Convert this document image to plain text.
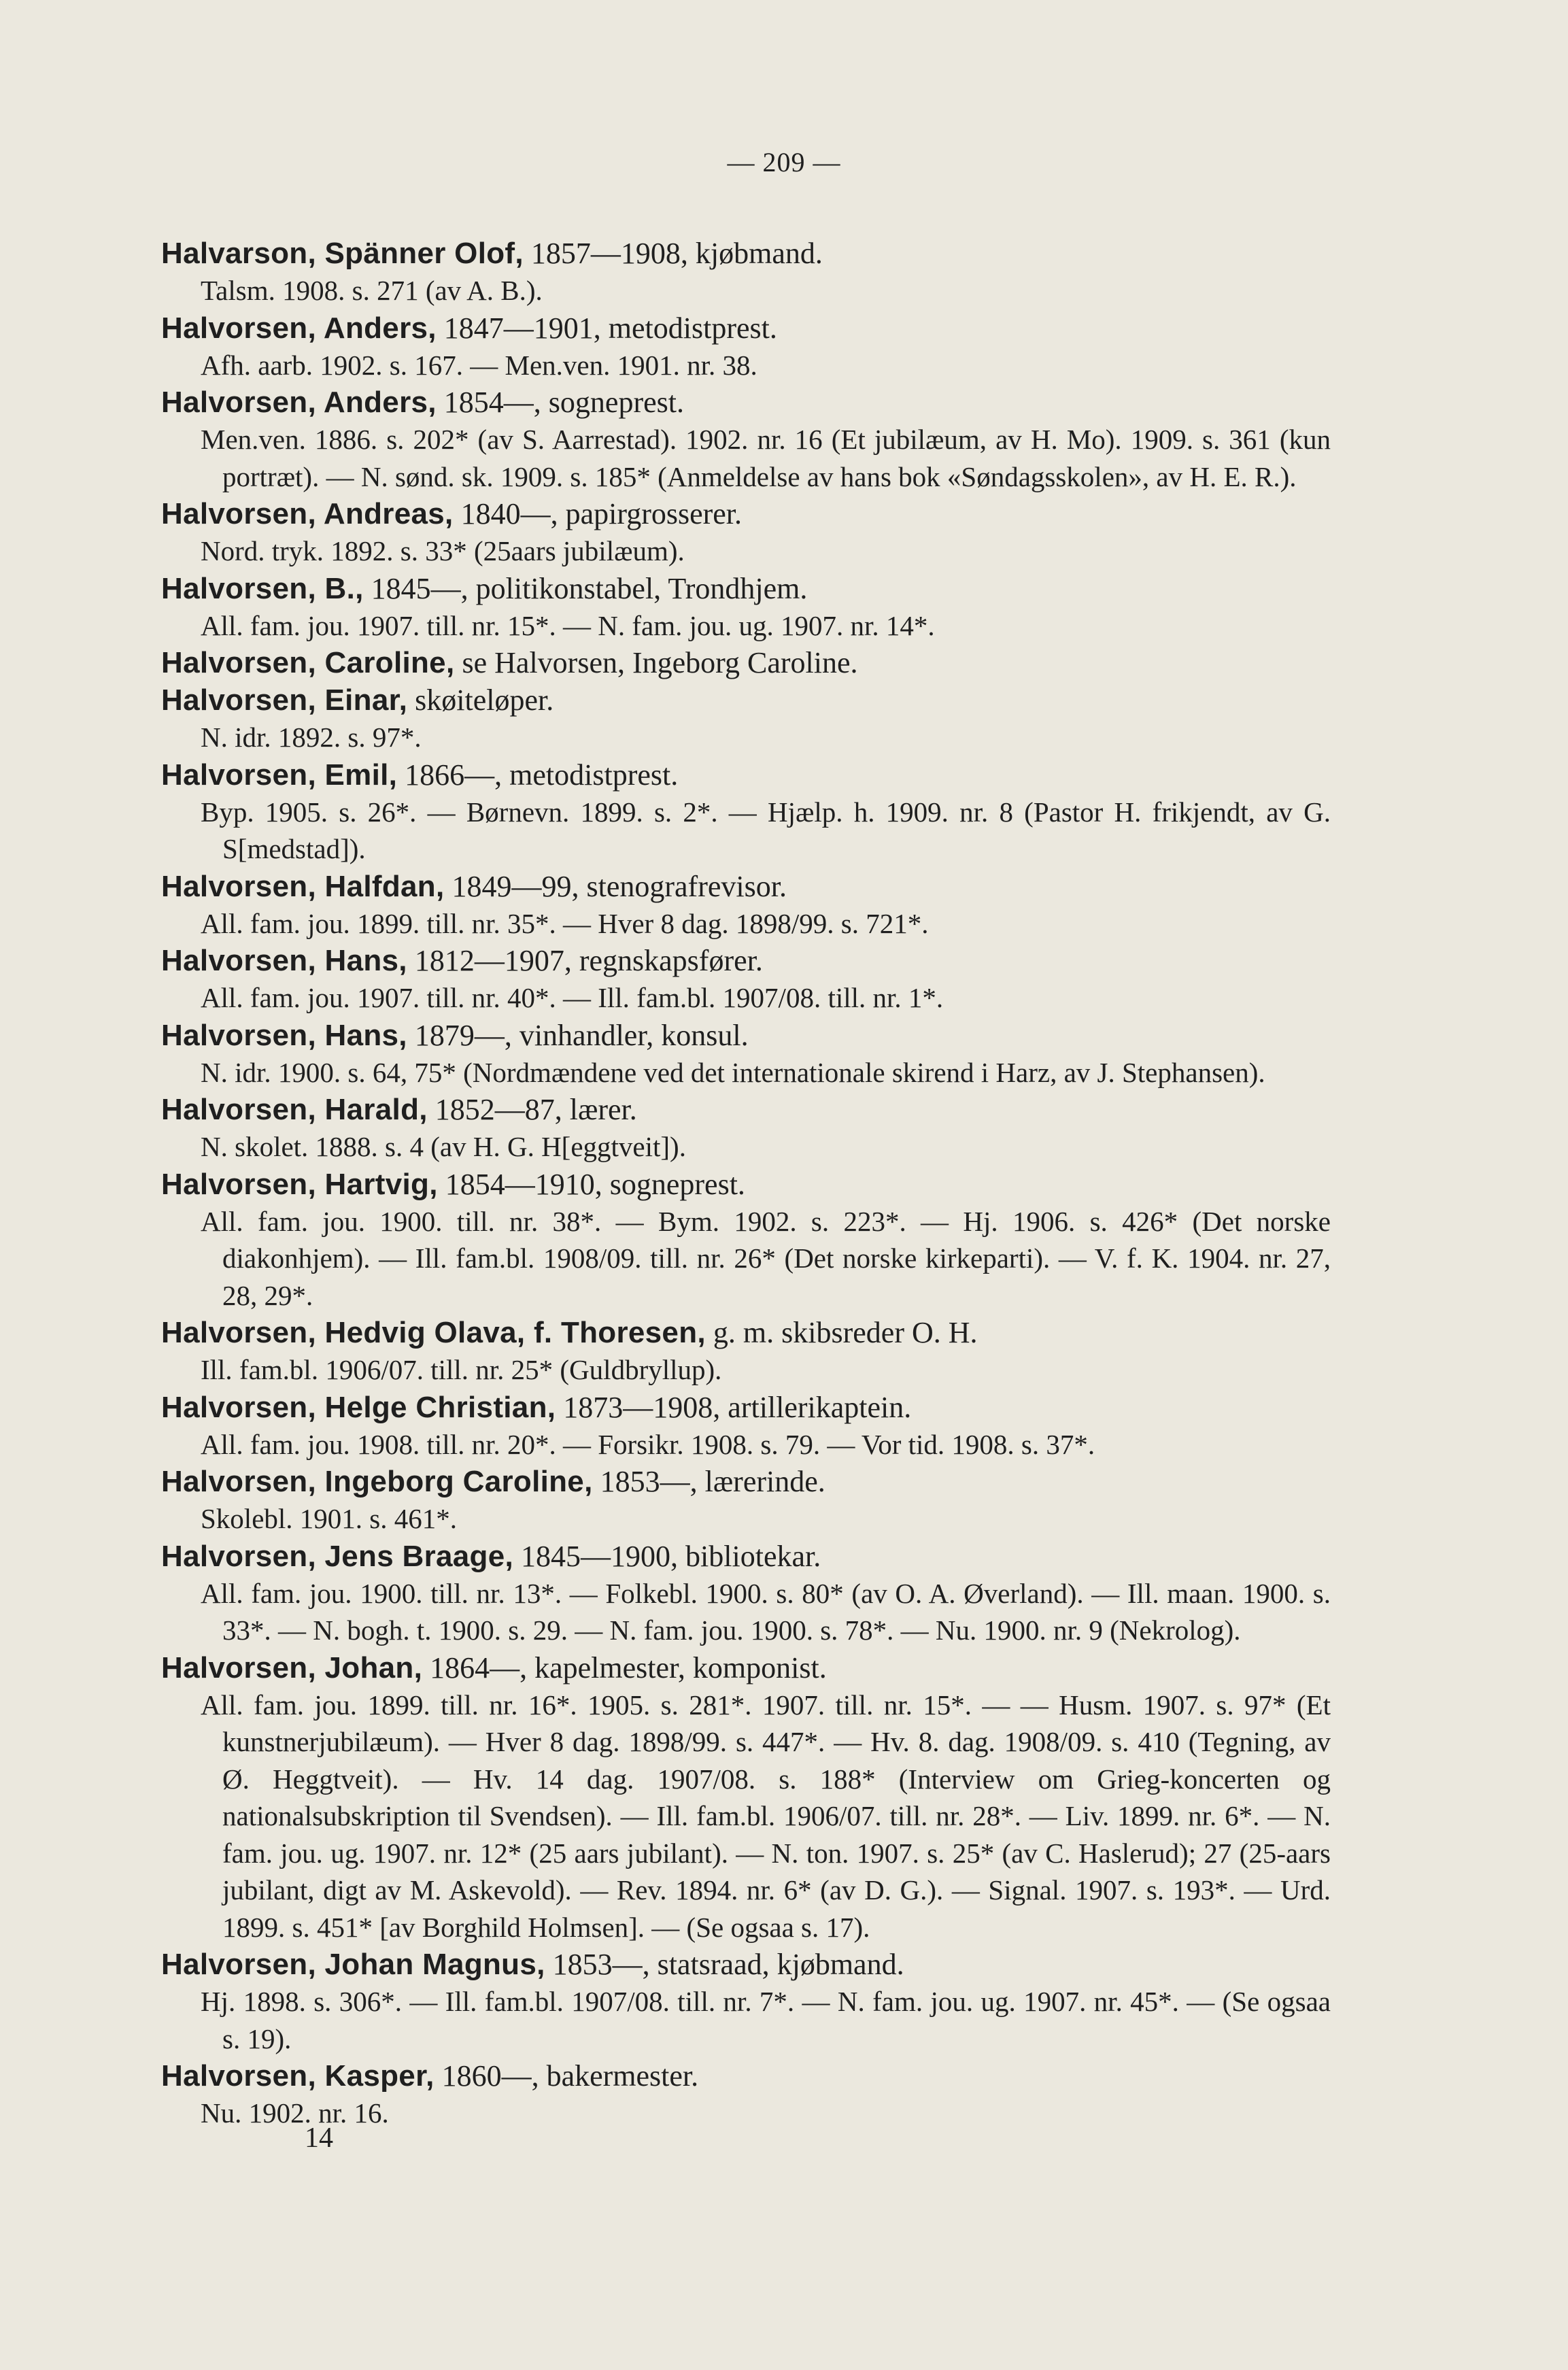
— 209 —
Halvarson, Spänner Olof, 1857—1908, kjøbmand.
Talsm. 1908. s. 271 (av A. B.).
Halvorsen, Anders, 1847—1901, metodistprest.
Afh. aarb. 1902. s. 167. — Men.ven. 1901. nr. 38.
Halvorsen, Anders, 1854—, sogneprest.
Men.ven. 1886. s. 202* (av S. Aarrestad). 1902. nr. 16 (Et jubilæum, av H. Mo). 1909. s. 361 (kun portræt). — N. sønd. sk. 1909. s. 185* (Anmeldelse av hans bok «Søndagsskolen», av H. E. R.).
Halvorsen, Andreas, 1840—, papirgrosserer.
Nord. tryk. 1892. s. 33* (25aars jubilæum).
Halvorsen, B., 1845—, politikonstabel, Trondhjem.
All. fam. jou. 1907. till. nr. 15*. — N. fam. jou. ug. 1907. nr. 14*.
Halvorsen, Caroline, se Halvorsen, Ingeborg Caroline.
Halvorsen, Einar, skøiteløper.
N. idr. 1892. s. 97*.
Halvorsen, Emil, 1866—, metodistprest.
Byp. 1905. s. 26*. — Børnevn. 1899. s. 2*. — Hjælp. h. 1909. nr. 8 (Pastor H. frikjendt, av G. S[medstad]).
Halvorsen, Halfdan, 1849—99, stenografrevisor.
All. fam. jou. 1899. till. nr. 35*. — Hver 8 dag. 1898/99. s. 721*.
Halvorsen, Hans, 1812—1907, regnskapsfører.
All. fam. jou. 1907. till. nr. 40*. — Ill. fam.bl. 1907/08. till. nr. 1*.
Halvorsen, Hans, 1879—, vinhandler, konsul.
N. idr. 1900. s. 64, 75* (Nordmændene ved det internationale skirend i Harz, av J. Stephansen).
Halvorsen, Harald, 1852—87, lærer.
N. skolet. 1888. s. 4 (av H. G. H[eggtveit]).
Halvorsen, Hartvig, 1854—1910, sogneprest.
All. fam. jou. 1900. till. nr. 38*. — Bym. 1902. s. 223*. — Hj. 1906. s. 426* (Det norske diakonhjem). — Ill. fam.bl. 1908/09. till. nr. 26* (Det norske kirkeparti). — V. f. K. 1904. nr. 27, 28, 29*.
Halvorsen, Hedvig Olava, f. Thoresen, g. m. skibsreder O. H.
Ill. fam.bl. 1906/07. till. nr. 25* (Guldbryllup).
Halvorsen, Helge Christian, 1873—1908, artillerikaptein.
All. fam. jou. 1908. till. nr. 20*. — Forsikr. 1908. s. 79. — Vor tid. 1908. s. 37*.
Halvorsen, Ingeborg Caroline, 1853—, lærerinde.
Skolebl. 1901. s. 461*.
Halvorsen, Jens Braage, 1845—1900, bibliotekar.
All. fam. jou. 1900. till. nr. 13*. — Folkebl. 1900. s. 80* (av O. A. Øverland). — Ill. maan. 1900. s. 33*. — N. bogh. t. 1900. s. 29. — N. fam. jou. 1900. s. 78*. — Nu. 1900. nr. 9 (Nekrolog).
Halvorsen, Johan, 1864—, kapelmester, komponist.
All. fam. jou. 1899. till. nr. 16*. 1905. s. 281*. 1907. till. nr. 15*. — — Husm. 1907. s. 97* (Et kunstnerjubilæum). — Hver 8 dag. 1898/99. s. 447*. — Hv. 8. dag. 1908/09. s. 410 (Tegning, av Ø. Heggtveit). — Hv. 14 dag. 1907/08. s. 188* (Interview om Grieg-koncerten og nationalsubskription til Svendsen). — Ill. fam.bl. 1906/07. till. nr. 28*. — Liv. 1899. nr. 6*. — N. fam. jou. ug. 1907. nr. 12* (25 aars jubilant). — N. ton. 1907. s. 25* (av C. Haslerud); 27 (25-aars jubilant, digt av M. Askevold). — Rev. 1894. nr. 6* (av D. G.). — Signal. 1907. s. 193*. — Urd. 1899. s. 451* [av Borghild Holmsen]. — (Se ogsaa s. 17).
Halvorsen, Johan Magnus, 1853—, statsraad, kjøbmand.
Hj. 1898. s. 306*. — Ill. fam.bl. 1907/08. till. nr. 7*. — N. fam. jou. ug. 1907. nr. 45*. — (Se ogsaa s. 19).
Halvorsen, Kasper, 1860—, bakermester.
Nu. 1902. nr. 16.
14
